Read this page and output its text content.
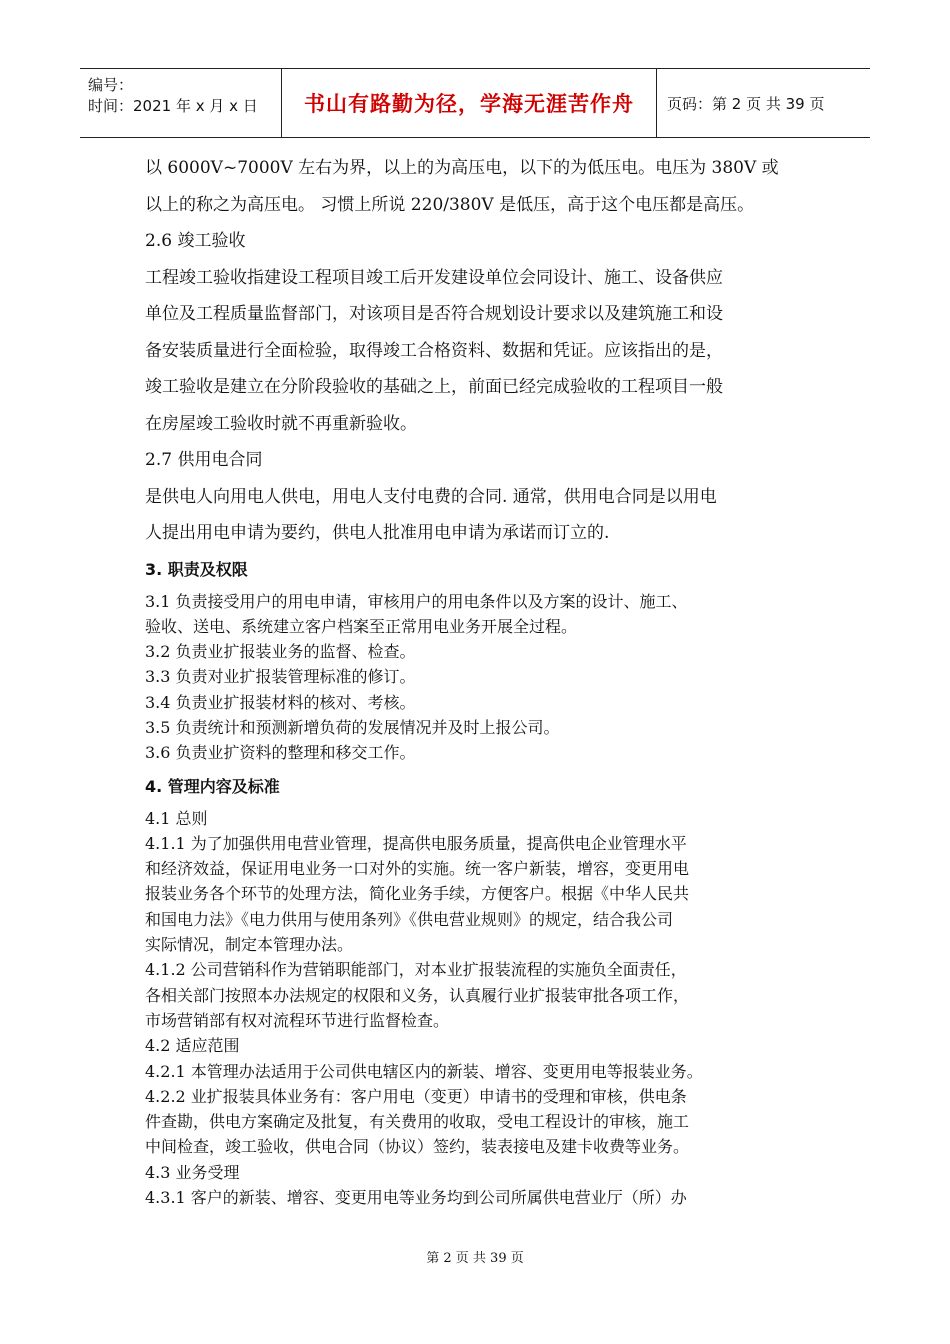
编号：
时间：2021 年 x 月 x 日	书山有路勤为径，学海无涯苦作舟	页码：第 2 页 共 39 页

以 6000V~7000V 左右为界，以上的为高压电，以下的为低压电。电压为 380V 或

以上的称之为高压电。 习惯上所说 220/380V 是低压，高于这个电压都是高压。

2.6 竣工验收

工程竣工验收指建设工程项目竣工后开发建设单位会同设计、施工、设备供应

单位及工程质量监督部门，对该项目是否符合规划设计要求以及建筑施工和设

备安装质量进行全面检验，取得竣工合格资料、数据和凭证。应该指出的是，

竣工验收是建立在分阶段验收的基础之上，前面已经完成验收的工程项目一般

在房屋竣工验收时就不再重新验收。

2.7 供用电合同

是供电人向用电人供电，用电人支付电费的合同. 通常，供用电合同是以用电

人提出用电申请为要约，供电人批准用电申请为承诺而订立的.

3. 职责及权限

3.1 负责接受用户的用电申请，审核用户的用电条件以及方案的设计、施工、

验收、送电、系统建立客户档案至正常用电业务开展全过程。

3.2 负责业扩报装业务的监督、检查。

3.3 负责对业扩报装管理标准的修订。

3.4 负责业扩报装材料的核对、考核。

3.5 负责统计和预测新增负荷的发展情况并及时上报公司。

3.6 负责业扩资料的整理和移交工作。

4. 管理内容及标准

4.1 总则

4.1.1 为了加强供用电营业管理，提高供电服务质量，提高供电企业管理水平

和经济效益，保证用电业务一口对外的实施。统一客户新装，增容，变更用电

报装业务各个环节的处理方法，简化业务手续，方便客户。根据《中华人民共

和国电力法》《电力供用与使用条列》《供电营业规则》的规定，结合我公司

实际情况，制定本管理办法。

4.1.2 公司营销科作为营销职能部门，对本业扩报装流程的实施负全面责任，

各相关部门按照本办法规定的权限和义务，认真履行业扩报装审批各项工作，

市场营销部有权对流程环节进行监督检查。

4.2 适应范围

4.2.1 本管理办法适用于公司供电辖区内的新装、增容、变更用电等报装业务。

4.2.2 业扩报装具体业务有：客户用电（变更）申请书的受理和审核，供电条

件查勘，供电方案确定及批复，有关费用的收取，受电工程设计的审核，施工

中间检查，竣工验收，供电合同（协议）签约，装表接电及建卡收费等业务。

4.3 业务受理

4.3.1 客户的新装、增容、变更用电等业务均到公司所属供电营业厅（所）办

第 2 页 共 39 页
